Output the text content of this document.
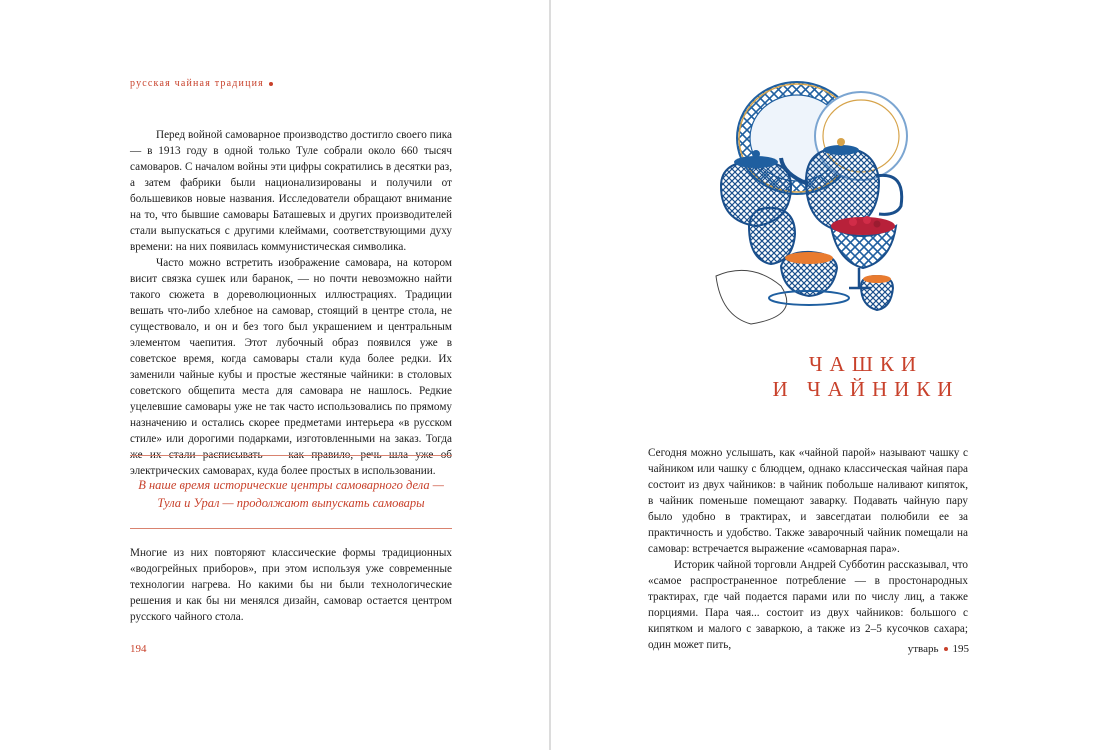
русская чайная традиция

Перед войной самоварное производство достигло своего пика — в 1913 году в одной только Туле собрали около 660 тысяч самоваров. С началом войны эти цифры сократились в десятки раз, а затем фабрики были национализированы и получили от большевиков новые названия. Исследователи обращают внимание на то, что бывшие самовары Баташевых и других производителей стали выпускаться с другими клеймами, соответствующими духу времени: на них появилась коммунистическая символика.

Часто можно встретить изображение самовара, на котором висит связка сушек или баранок, — но почти невозможно найти такого сюжета в дореволюционных иллюстрациях. Традиции вешать что-либо хлебное на самовар, стоящий в центре стола, не существовало, и он и без того был украшением и центральным элементом чаепития. Этот лубочный образ появился уже в советское время, когда самовары стали куда более редки. Их заменили чайные кубы и простые жестяные чайники: в столовых советского общепита места для самовара не нашлось. Редкие уцелевшие самовары уже не так часто использовались по прямому назначению и остались скорее предметами интерьера «в русском стиле» или дорогими подарками, изготовленными на заказ. Тогда же их стали расписывать — как правило, речь шла уже об электрических самоварах, куда более простых в использовании.

В наше время исторические центры самоварного дела —
Тула и Урал — продолжают выпускать самовары

Многие из них повторяют классические формы традиционных «водогрейных приборов», при этом используя уже современные технологии нагрева. Но какими бы ни были технологические решения и как бы ни менялся дизайн, самовар остается центром русского чайного стола.

194
ЧАШКИ
И ЧАЙНИКИ

Сегодня можно услышать, как «чайной парой» называют чашку с чайником или чашку с блюдцем, однако классическая чайная пара состоит из двух чайников: в чайник побольше наливают кипяток, в чайник поменьше помещают заварку. Подавать чайную пару было удобно в трактирах, и завсегдатаи полюбили ее за практичность и удобство. Также заварочный чайник помещали на самовар: встречается выражение «самоварная пара».

Историк чайной торговли Андрей Субботин рассказывал, что «самое распространенное потребление — в простонародных трактирах, где чай подается парами или по числу лиц, а также порциями. Пара чая... состоит из двух чайников: большого с кипятком и малого с заваркою, а также из 2–5 кусочков сахара; один может пить,	утварь 195
